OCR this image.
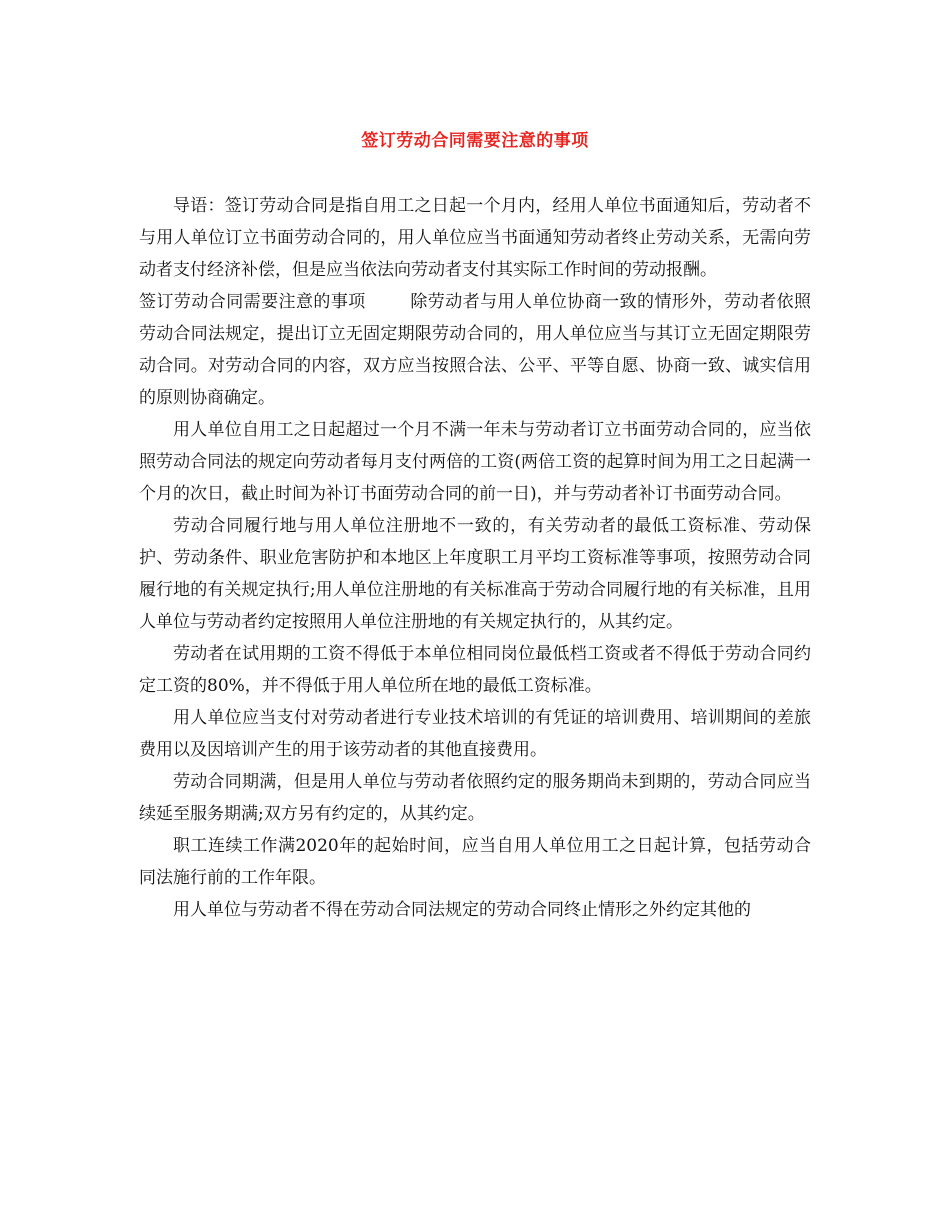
签订劳动合同需要注意的事项

导语：签订劳动合同是指自用工之日起一个月内，经用人单位书面通知后，劳动者不与用人单位订立书面劳动合同的，用人单位应当书面通知劳动者终止劳动关系，无需向劳动者支付经济补偿，但是应当依法向劳动者支付其实际工作时间的劳动报酬。

签订劳动合同需要注意的事项	除劳动者与用人单位协商一致的情形外，劳动者依照劳动合同法规定，提出订立无固定期限劳动合同的，用人单位应当与其订立无固定期限劳动合同。对劳动合同的内容，双方应当按照合法、公平、平等自愿、协商一致、诚实信用的原则协商确定。

用人单位自用工之日起超过一个月不满一年未与劳动者订立书面劳动合同的，应当依照劳动合同法的规定向劳动者每月支付两倍的工资(两倍工资的起算时间为用工之日起满一个月的次日，截止时间为补订书面劳动合同的前一日)，并与劳动者补订书面劳动合同。

劳动合同履行地与用人单位注册地不一致的，有关劳动者的最低工资标准、劳动保护、劳动条件、职业危害防护和本地区上年度职工月平均工资标准等事项，按照劳动合同履行地的有关规定执行;用人单位注册地的有关标准高于劳动合同履行地的有关标准，且用人单位与劳动者约定按照用人单位注册地的有关规定执行的，从其约定。

劳动者在试用期的工资不得低于本单位相同岗位最低档工资或者不得低于劳动合同约定工资的80%，并不得低于用人单位所在地的最低工资标准。

用人单位应当支付对劳动者进行专业技术培训的有凭证的培训费用、培训期间的差旅费用以及因培训产生的用于该劳动者的其他直接费用。

劳动合同期满，但是用人单位与劳动者依照约定的服务期尚未到期的，劳动合同应当续延至服务期满;双方另有约定的，从其约定。

职工连续工作满2020年的起始时间，应当自用人单位用工之日起计算，包括劳动合同法施行前的工作年限。

用人单位与劳动者不得在劳动合同法规定的劳动合同终止情形之外约定其他的
